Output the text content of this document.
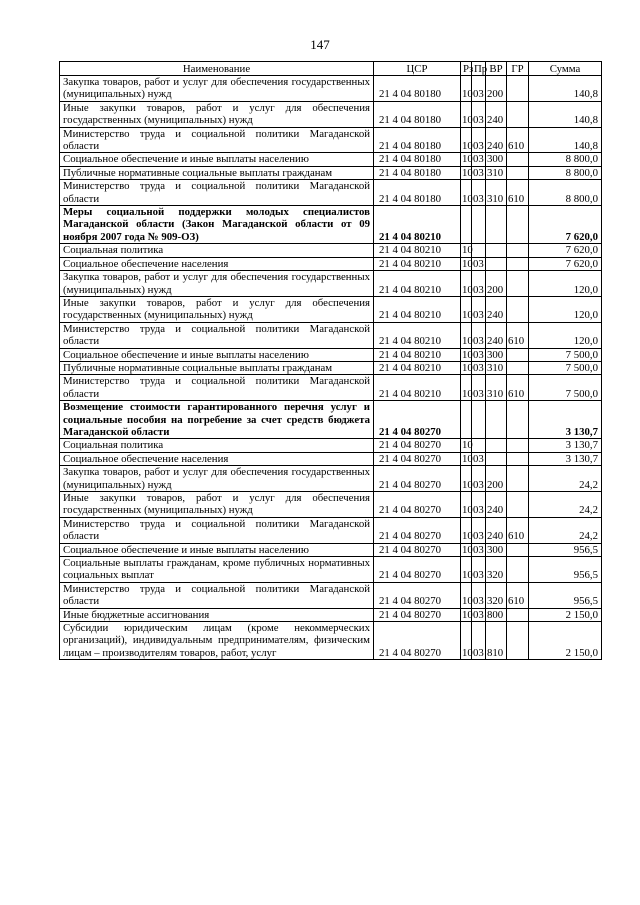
147
Наименование	ЦСР	Рз	Пр	ВР	ГР	Сумма
Закупка товаров, работ и услуг для обеспечения государственных (муниципальных) нужд	21 4 04 80180	10	03	200		140,8
Иные закупки товаров, работ и услуг для обеспечения государственных (муниципальных) нужд	21 4 04 80180	10	03	240		140,8
Министерство труда и социальной политики Магаданской области	21 4 04 80180	10	03	240	610	140,8
Социальное обеспечение и иные выплаты населению	21 4 04 80180	10	03	300		8 800,0
Публичные нормативные социальные выплаты гражданам	21 4 04 80180	10	03	310		8 800,0
Министерство труда и социальной политики Магаданской области	21 4 04 80180	10	03	310	610	8 800,0
Меры социальной поддержки молодых специалистов Магаданской области (Закон Магаданской области от 09 ноября 2007 года № 909-ОЗ)	21 4 04 80210					7 620,0
Социальная политика	21 4 04 80210	10				7 620,0
Социальное обеспечение населения	21 4 04 80210	10	03			7 620,0
Закупка товаров, работ и услуг для обеспечения государственных (муниципальных) нужд	21 4 04 80210	10	03	200		120,0
Иные закупки товаров, работ и услуг для обеспечения государственных (муниципальных) нужд	21 4 04 80210	10	03	240		120,0
Министерство труда и социальной политики Магаданской области	21 4 04 80210	10	03	240	610	120,0
Социальное обеспечение и иные выплаты населению	21 4 04 80210	10	03	300		7 500,0
Публичные нормативные социальные выплаты гражданам	21 4 04 80210	10	03	310		7 500,0
Министерство труда и социальной политики Магаданской области	21 4 04 80210	10	03	310	610	7 500,0
Возмещение стоимости гарантированного перечня услуг и социальные пособия на погребение за счет средств бюджета Магаданской области	21 4 04 80270					3 130,7
Социальная политика	21 4 04 80270	10				3 130,7
Социальное обеспечение населения	21 4 04 80270	10	03			3 130,7
Закупка товаров, работ и услуг для обеспечения государственных (муниципальных) нужд	21 4 04 80270	10	03	200		24,2
Иные закупки товаров, работ и услуг для обеспечения государственных (муниципальных) нужд	21 4 04 80270	10	03	240		24,2
Министерство труда и социальной политики Магаданской области	21 4 04 80270	10	03	240	610	24,2
Социальное обеспечение и иные выплаты населению	21 4 04 80270	10	03	300		956,5
Социальные выплаты гражданам, кроме публичных нормативных социальных выплат	21 4 04 80270	10	03	320		956,5
Министерство труда и социальной политики Магаданской области	21 4 04 80270	10	03	320	610	956,5
Иные бюджетные ассигнования	21 4 04 80270	10	03	800		2 150,0
Субсидии юридическим лицам (кроме некоммерческих организаций), индивидуальным предпринимателям, физическим лицам – производителям товаров, работ, услуг	21 4 04 80270	10	03	810		2 150,0
